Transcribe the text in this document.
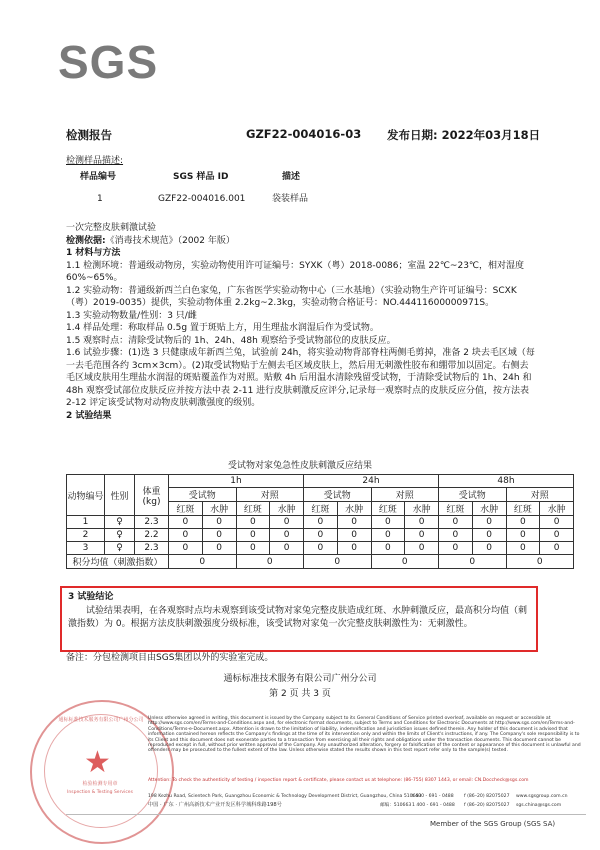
SGS
检测报告	GZF22-004016-03 发布日期: 2022年03月18日
检测样品描述:
样品编号	SGS 样品 ID	描述
1	GZF22-004016.001	袋装样品

一次完整皮肤刺激试验

检测依据:《消毒技术规范》（2002 年版）

1 材料与方法

1.1 检测环境：普通级动物房，实验动物使用许可证编号：SYXK（粤）2018-0086；室温 22℃~23℃，相对湿度 60%~65%。

1.2 实验动物：普通级新西兰白色家兔，广东省医学实验动物中心（三水基地）（实验动物生产许可证编号：SCXK（粤）2019-0035）提供，实验动物体重 2.2kg~2.3kg，实验动物合格证号：NO.44411600000971S。

1.3 实验动物数量/性别：3 只/雌

1.4 样品处理：称取样品 0.5g 置于斑贴上方，用生理盐水润湿后作为受试物。

1.5 观察时点：清除受试物后的 1h、24h、48h 观察给予受试物部位的皮肤反应。

1.6 试验步骤：(1)选 3 只健康成年新西兰兔，试验前 24h，将实验动物背部脊柱两侧毛剪掉，准备 2 块去毛区域（每一去毛范围各约 3cm×3cm）。(2)取受试物贴于左侧去毛区域皮肤上，然后用无刺激性胶布和绷带加以固定。右侧去毛区域皮肤用生理盐水润湿的斑贴覆盖作为对照。贴敷 4h 后用温水清除残留受试物，于清除受试物后的 1h、24h 和 48h 观察受试部位皮肤反应并按方法中表 2-11 进行皮肤刺激反应评分,记录每一观察时点的皮肤反应分值，按方法表 2-12 评定该受试物对动物皮肤刺激强度的级别。

2 试验结果

受试物对家兔急性皮肤刺激反应结果
动物编号	性别	体重(kg)	1h				24h				48h			
			受试物		对照		受试物		对照		受试物		对照	
			红斑	水肿	红斑	水肿	红斑	水肿	红斑	水肿	红斑	水肿	红斑	水肿
1	♀	2.3	0	0	0	0	0	0	0	0	0	0	0	0
2	♀	2.2	0	0	0	0	0	0	0	0	0	0	0	0
3	♀	2.3	0	0	0	0	0	0	0	0	0	0	0	0
积分均值（刺激指数）			0		0		0		0		0		0	
3 试验结论
试验结果表明，在各观察时点均未观察到该受试物对家兔完整皮肤造成红斑、水肿刺激反应，最高积分均值（刺激指数）为 0。根据方法皮肤刺激强度分级标准，该受试物对家兔一次完整皮肤刺激性为：无刺激性。
备注：分包检测项目由SGS集团以外的实验室完成。
通标标准技术服务有限公司广州分公司
第 2 页 共 3 页
★
通标标准技术服务有限公司广州分公司
检验检测专用章
Inspection & Testing Services
Unless otherwise agreed in writing, this document is issued by the Company subject to its General Conditions of Service printed overleaf, available on request or accessible at http://www.sgs.com/en/Terms-and-Conditions.aspx and, for electronic format documents, subject to Terms and Conditions for Electronic Documents at http://www.sgs.com/en/Terms-and-Conditions/Terms-e-Document.aspx. Attention is drawn to the limitation of liability, indemnification and jurisdiction issues defined therein. Any holder of this document is advised that information contained hereon reflects the Company's findings at the time of its intervention only and within the limits of Client's instructions, if any. The Company's sole responsibility is to its Client and this document does not exonerate parties to a transaction from exercising all their rights and obligations under the transaction documents. This document cannot be reproduced except in full, without prior written approval of the Company. Any unauthorized alteration, forgery or falsification of the content or appearance of this document is unlawful and offenders may be prosecuted to the fullest extent of the law. Unless otherwise stated the results shown in this test report refer only to the sample(s) tested.
Attention: To check the authenticity of testing / inspection report & certificate, please contact us at telephone: (86-755) 8307 1443, or email: CN.Doccheck@sgs.com
198 Kezhu Road, Scientech Park, Guangzhou Economic & Technology Development District, Guangzhou, China 510663
t 400 - 691 - 0488 f (86–20) 82075027 www.sgsgroup.com.cn
中国 · 广东 · 广州高新技术产业开发区科学城科珠路198号	邮编：510663 1 400 - 691 - 0488 f (86–20) 82075027 sgs.china@sgs.com
Member of the SGS Group (SGS SA)
